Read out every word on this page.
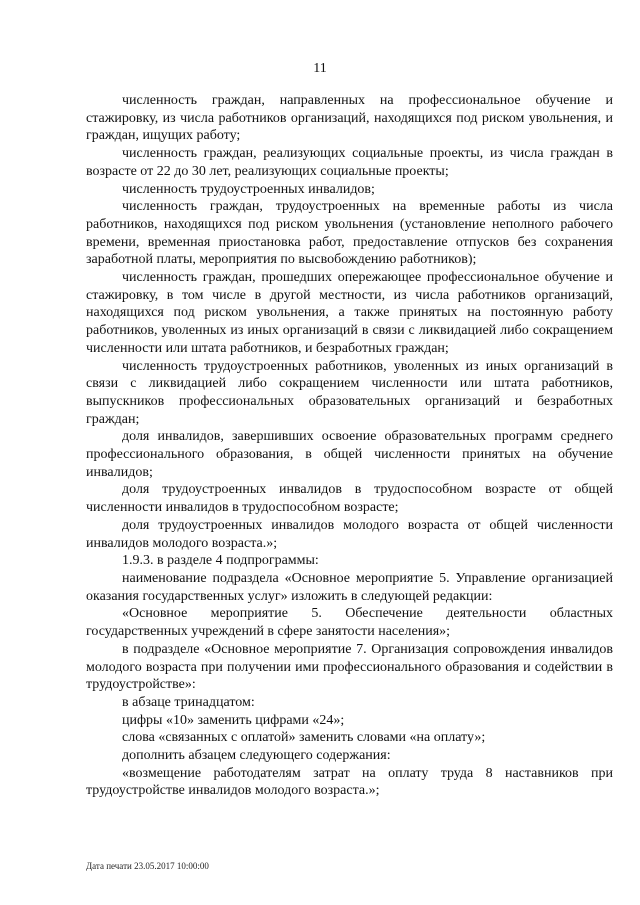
11

численность граждан, направленных на профессиональное обучение и стажировку, из числа работников организаций, находящихся под риском увольнения, и граждан, ищущих работу;

численность граждан, реализующих социальные проекты, из числа граждан в возрасте от 22 до 30 лет, реализующих социальные проекты;

численность трудоустроенных инвалидов;

численность граждан, трудоустроенных на временные работы из числа работников, находящихся под риском увольнения (установление неполного рабочего времени, временная приостановка работ, предоставление отпусков без сохранения заработной платы, мероприятия по высвобождению работников);

численность граждан, прошедших опережающее профессиональное обучение и стажировку, в том числе в другой местности, из числа работников организаций, находящихся под риском увольнения, а также принятых на постоянную работу работников, уволенных из иных организаций в связи с ликвидацией либо сокращением численности или штата работников, и безработных граждан;

численность трудоустроенных работников, уволенных из иных организаций в связи с ликвидацией либо сокращением численности или штата работников, выпускников профессиональных образовательных организаций и безработных граждан;

доля инвалидов, завершивших освоение образовательных программ среднего профессионального образования, в общей численности принятых на обучение инвалидов;

доля трудоустроенных инвалидов в трудоспособном возрасте от общей численности инвалидов в трудоспособном возрасте;

доля трудоустроенных инвалидов молодого возраста от общей численности инвалидов молодого возраста.»;

1.9.3. в разделе 4 подпрограммы:

наименование подраздела «Основное мероприятие 5. Управление организацией оказания государственных услуг» изложить в следующей редакции:

«Основное мероприятие 5. Обеспечение деятельности областных государственных учреждений в сфере занятости населения»;

в подразделе «Основное мероприятие 7. Организация сопровождения инвалидов молодого возраста при получении ими профессионального образования и содействии в трудоустройстве»:

в абзаце тринадцатом:

цифры «10» заменить цифрами «24»;

слова «связанных с оплатой» заменить словами «на оплату»;

дополнить абзацем следующего содержания:

«возмещение работодателям затрат на оплату труда 8 наставников при трудоустройстве инвалидов молодого возраста.»;

Дата печати 23.05.2017 10:00:00
